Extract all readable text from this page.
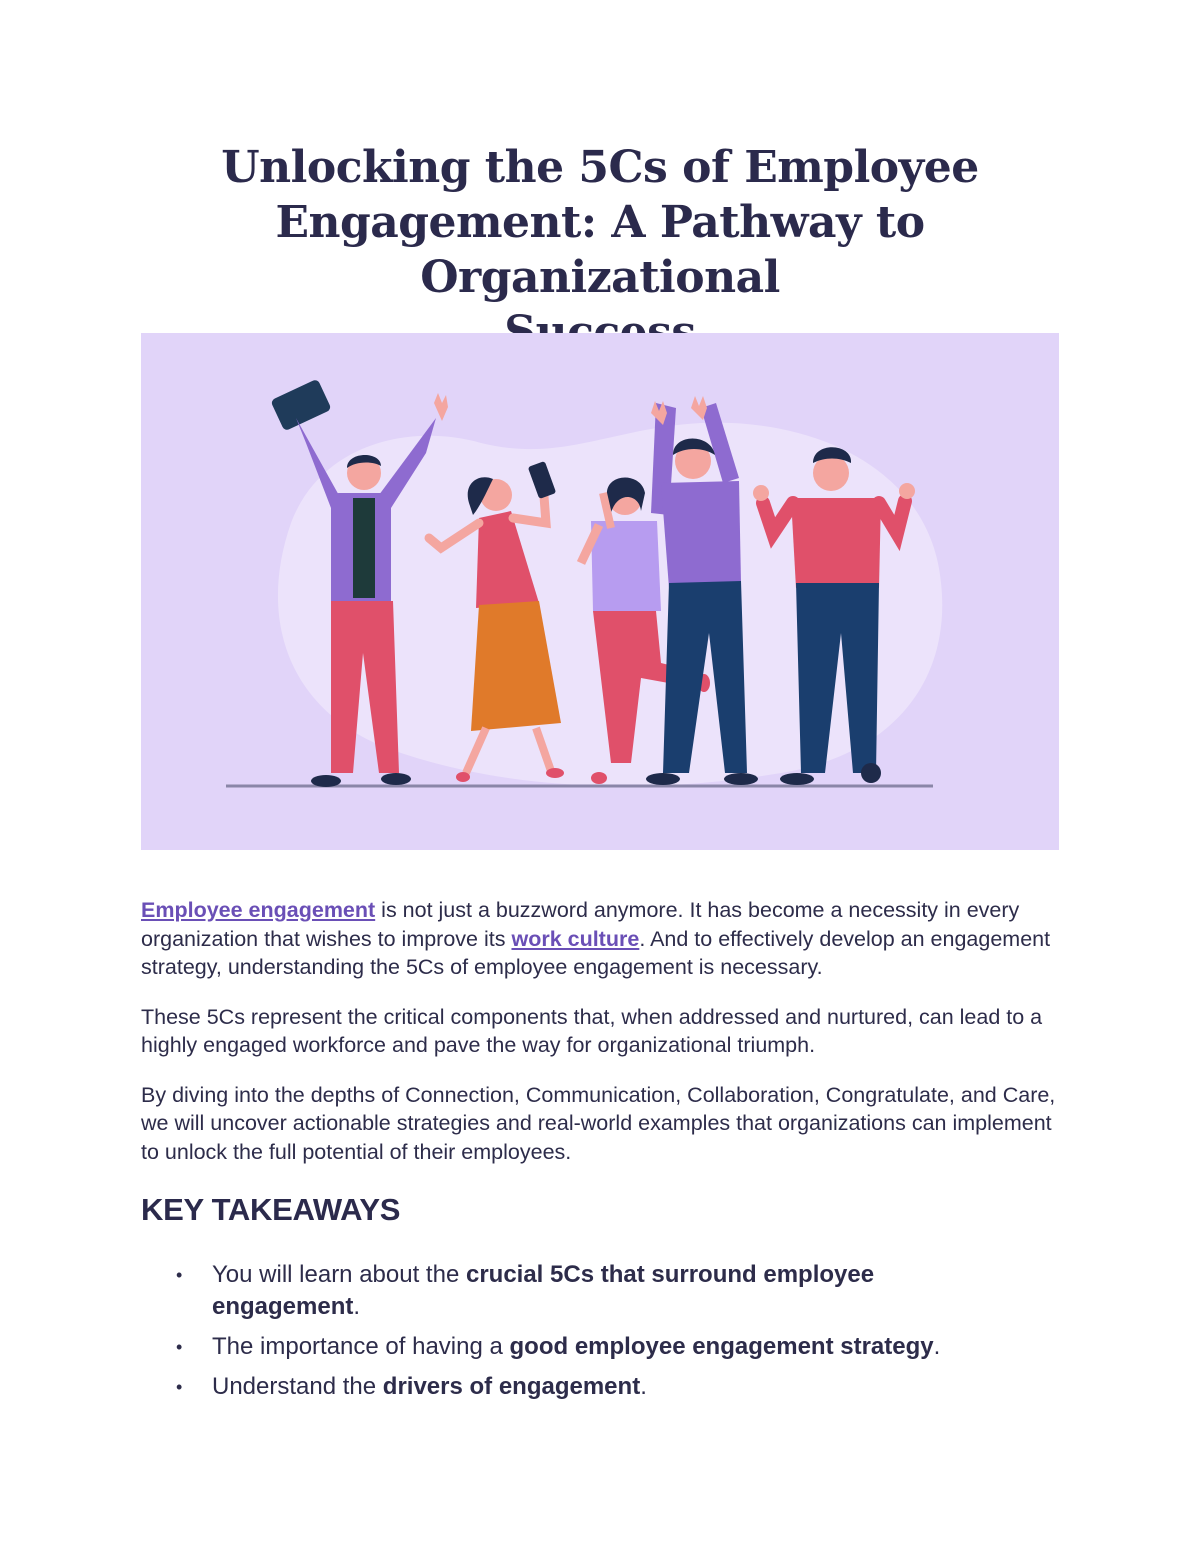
Unlocking the 5Cs of Employee
Engagement: A Pathway to Organizational

Employee engagement is not just a buzzword anymore. It has become a necessity in every organization that wishes to improve its work culture. And to effectively develop an engagement strategy, understanding the 5Cs of employee engagement is necessary.

These 5Cs represent the critical components that, when addressed and nurtured, can lead to a highly engaged workforce and pave the way for organizational triumph.

By diving into the depths of Connection, Communication, Collaboration, Congratulate, and Care, we will uncover actionable strategies and real-world examples that organizations can implement to unlock the full potential of their employees.

KEY TAKEAWAYS
• You will learn about the crucial 5Cs that surround employee engagement.
• The importance of having a good employee engagement strategy.
• Understand the drivers of engagement.
